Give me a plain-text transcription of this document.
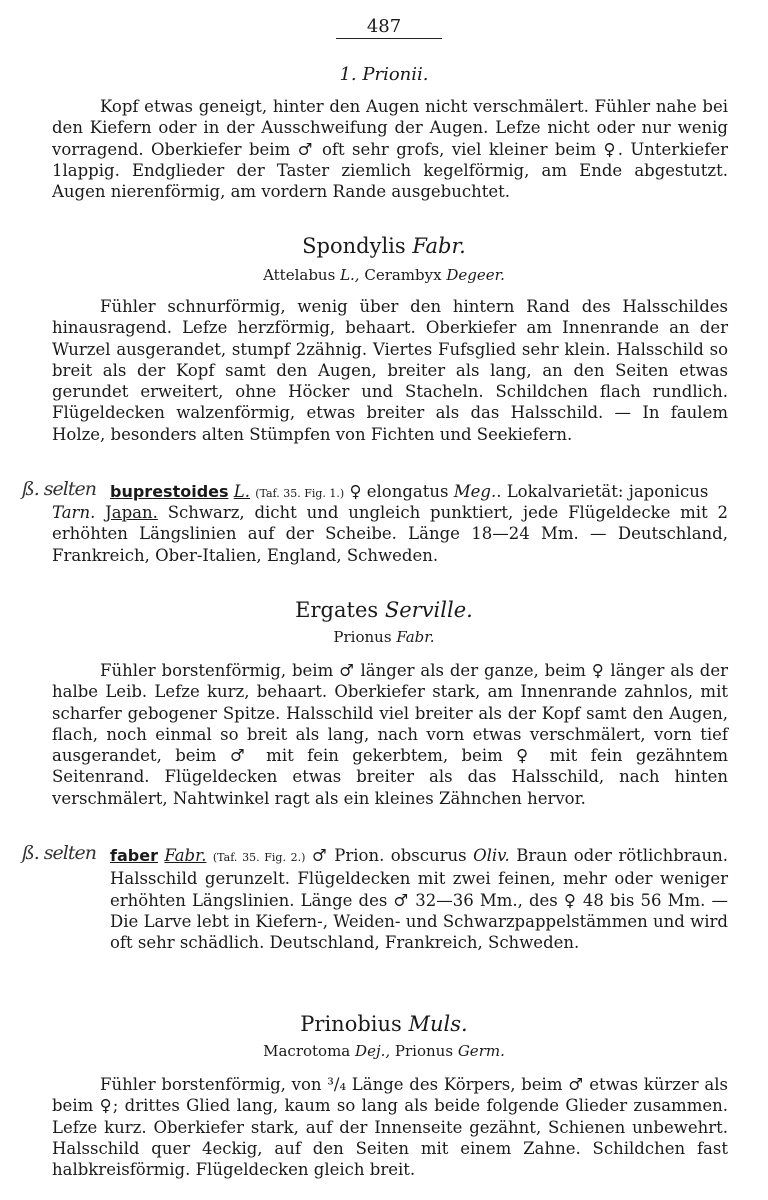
487
1. Prionii.
Kopf etwas geneigt, hinter den Augen nicht verschmälert. Fühler nahe bei den Kiefern oder in der Ausschweifung der Augen. Lefze nicht oder nur wenig vorragend. Oberkiefer beim ♂ oft sehr grofs, viel kleiner beim ♀. Unterkiefer 1lappig. Endglieder der Taster ziemlich kegelförmig, am Ende abgestutzt. Augen nierenförmig, am vordern Rande ausgebuchtet.
Spondylis Fabr.
Attelabus L., Cerambyx Degeer.
Fühler schnurförmig, wenig über den hintern Rand des Halsschildes hinausragend. Lefze herzförmig, behaart. Oberkiefer am Innenrande an der Wurzel ausgerandet, stumpf 2zähnig. Viertes Fufsglied sehr klein. Halsschild so breit als der Kopf samt den Augen, breiter als lang, an den Seiten etwas gerundet erweitert, ohne Höcker und Stacheln. Schildchen flach rundlich. Flügeldecken walzenförmig, etwas breiter als das Halsschild. — In faulem Holze, besonders alten Stümpfen von Fichten und Seekiefern.
ß. selten buprestoides L. (Taf. 35. Fig. 1.) ♀ elongatus Meg.. Lokalvarietät: japonicus
Tarn. Japan. Schwarz, dicht und ungleich punktiert, jede Flügeldecke mit 2 erhöhten Längslinien auf der Scheibe. Länge 18—24 Mm. — Deutschland, Frankreich, Ober-Italien, England, Schweden.
Ergates Serville.
Prionus Fabr.
Fühler borstenförmig, beim ♂ länger als der ganze, beim ♀ länger als der halbe Leib. Lefze kurz, behaart. Oberkiefer stark, am Innenrande zahnlos, mit scharfer gebogener Spitze. Halsschild viel breiter als der Kopf samt den Augen, flach, noch einmal so breit als lang, nach vorn etwas verschmälert, vorn tief ausgerandet, beim ♂ mit fein gekerbtem, beim ♀ mit fein gezähntem Seitenrand. Flügeldecken etwas breiter als das Halsschild, nach hinten verschmälert, Nahtwinkel ragt als ein kleines Zähnchen hervor.
ß. selten faber Fabr. (Taf. 35. Fig. 2.) ♂ Prion. obscurus Oliv. Braun oder rötlichbraun. Halsschild gerunzelt. Flügeldecken mit zwei feinen, mehr oder weniger erhöhten Längslinien. Länge des ♂ 32—36 Mm., des ♀ 48 bis 56 Mm. — Die Larve lebt in Kiefern-, Weiden- und Schwarzpappelstämmen und wird oft sehr schädlich. Deutschland, Frankreich, Schweden.
Prinobius Muls.
Macrotoma Dej., Prionus Germ.
Fühler borstenförmig, von ³/₄ Länge des Körpers, beim ♂ etwas kürzer als beim ♀; drittes Glied lang, kaum so lang als beide folgende Glieder zusammen. Lefze kurz. Oberkiefer stark, auf der Innenseite gezähnt, Schienen unbewehrt. Halsschild quer 4eckig, auf den Seiten mit einem Zahne. Schildchen fast halbkreisförmig. Flügeldecken gleich breit.
